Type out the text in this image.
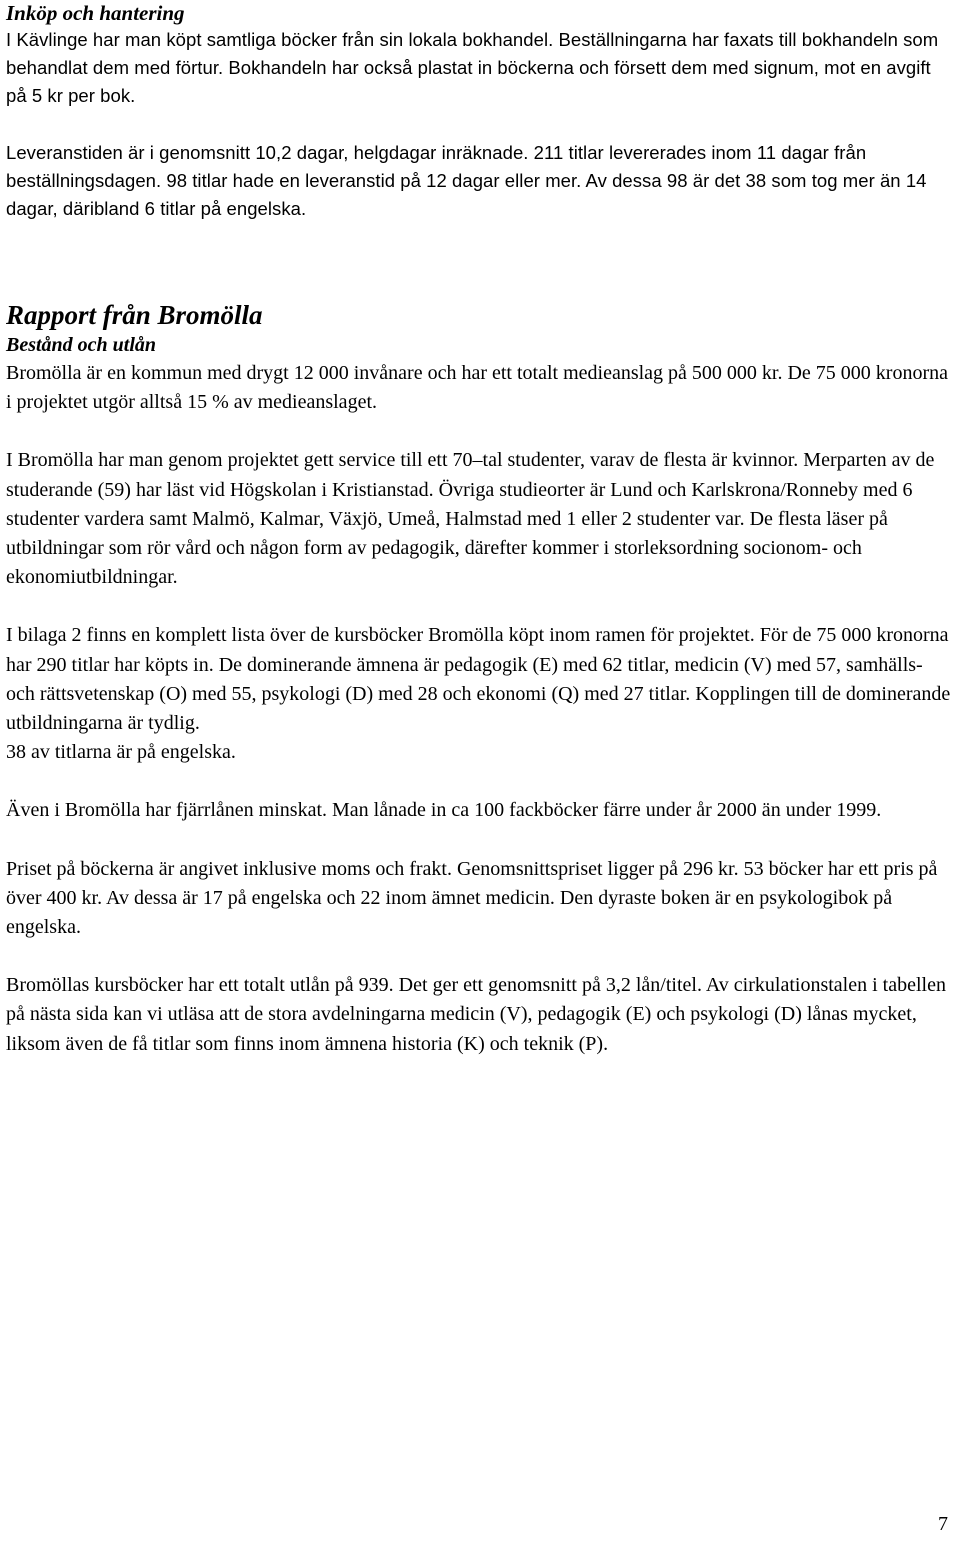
Inköp och hantering

I Kävlinge har man köpt samtliga böcker från sin lokala bokhandel. Beställningarna har faxats till bokhandeln som behandlat dem med förtur. Bokhandeln har också plastat in böckerna och försett dem med signum, mot en avgift på 5 kr per bok.

Leveranstiden är i genomsnitt 10,2 dagar, helgdagar inräknade. 211 titlar levererades inom 11 dagar från beställningsdagen. 98 titlar hade en leveranstid på 12 dagar eller mer. Av dessa 98 är det 38 som tog mer än 14 dagar, däribland 6 titlar på engelska.

Rapport från Bromölla
Bestånd och utlån

Bromölla är en kommun med drygt 12 000 invånare och har ett totalt medieanslag på 500 000 kr. De 75 000 kronorna i projektet utgör alltså 15 % av medieanslaget.

I Bromölla har man genom projektet gett service till ett 70–tal studenter, varav de flesta är kvinnor. Merparten av de studerande (59) har läst vid Högskolan i Kristianstad. Övriga studieorter är Lund och Karlskrona/Ronneby med 6 studenter vardera samt Malmö, Kalmar, Växjö, Umeå, Halmstad med 1 eller 2 studenter var. De flesta läser på utbildningar som rör vård och någon form av pedagogik, därefter kommer i storleksordning socionom- och ekonomiutbildningar.

I bilaga 2 finns en komplett lista över de kursböcker Bromölla köpt inom ramen för projektet. För de 75 000 kronorna har 290 titlar har köpts in. De dominerande ämnena är pedagogik (E) med 62 titlar, medicin (V) med 57, samhälls- och rättsvetenskap (O) med 55, psykologi (D) med 28 och ekonomi (Q) med 27 titlar. Kopplingen till de dominerande utbildningarna är tydlig.

38 av titlarna är på engelska.

Även i Bromölla har fjärrlånen minskat. Man lånade in ca 100 fackböcker färre under år 2000 än under 1999.

Priset på böckerna är angivet inklusive moms och frakt. Genomsnittspriset ligger på 296 kr. 53 böcker har ett pris på över 400 kr. Av dessa är 17 på engelska och 22 inom ämnet medicin. Den dyraste boken är en psykologibok på engelska.

Bromöllas kursböcker har ett totalt utlån på 939. Det ger ett genomsnitt på 3,2 lån/titel. Av cirkulationstalen i tabellen på nästa sida kan vi utläsa att de stora avdelningarna medicin (V), pedagogik (E) och psykologi (D) lånas mycket, liksom även de få titlar som finns inom ämnena historia (K) och teknik (P).

7
